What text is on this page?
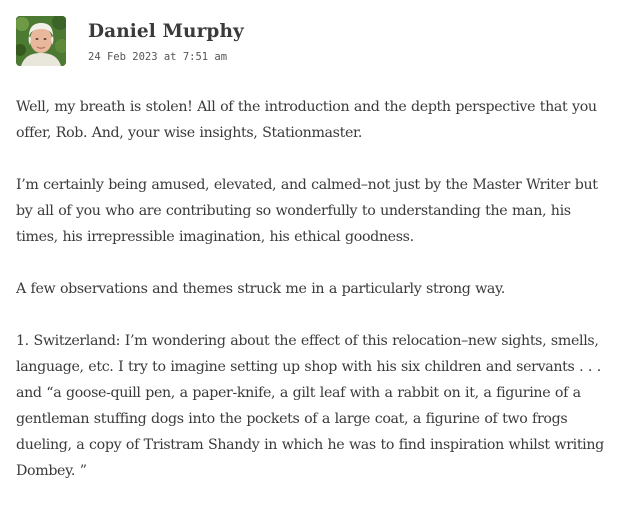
Daniel Murphy
24 Feb 2023 at 7:51 am

Well, my breath is stolen! All of the introduction and the depth perspective that you offer, Rob. And, your wise insights, Stationmaster.

I’m certainly being amused, elevated, and calmed–not just by the Master Writer but by all of you who are contributing so wonderfully to understanding the man, his times, his irrepressible imagination, his ethical goodness.

A few observations and themes struck me in a particularly strong way.

1. Switzerland: I’m wondering about the effect of this relocation–new sights, smells, language, etc. I try to imagine setting up shop with his six children and servants . . . and “a goose-quill pen, a paper-knife, a gilt leaf with a rabbit on it, a figurine of a gentleman stuffing dogs into the pockets of a large coat, a figurine of two frogs dueling, a copy of Tristram Shandy in which he was to find inspiration whilst writing Dombey. ”
